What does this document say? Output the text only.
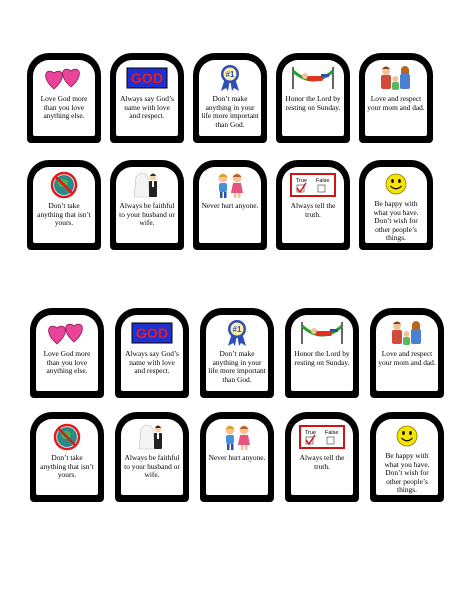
Love God more than you love anything else.
GOD
Always say God’s name with love and respect.
#1
Don’t make anything in your life more important than God.
Honor the Lord by resting on Sunday.
Love and respect your mom and dad.
Don’t take anything that isn’t yours.
Always be faithful to your husband or wife.
Never hurt anyone.
True False
Always tell the truth.
Be happy with what you have. Don’t wish for other people’s things.
Love God more than you love anything else.
GOD
Always say God’s name with love and respect.
#1
Don’t make anything in your life more important than God.
Honor the Lord by resting on Sunday.
Love and respect your mom and dad.
Don’t take anything that isn’t yours.
Always be faithful to your husband or wife.
Never hurt anyone.
True False
Always tell the truth.
Be happy with what you have. Don’t wish for other people’s things.
